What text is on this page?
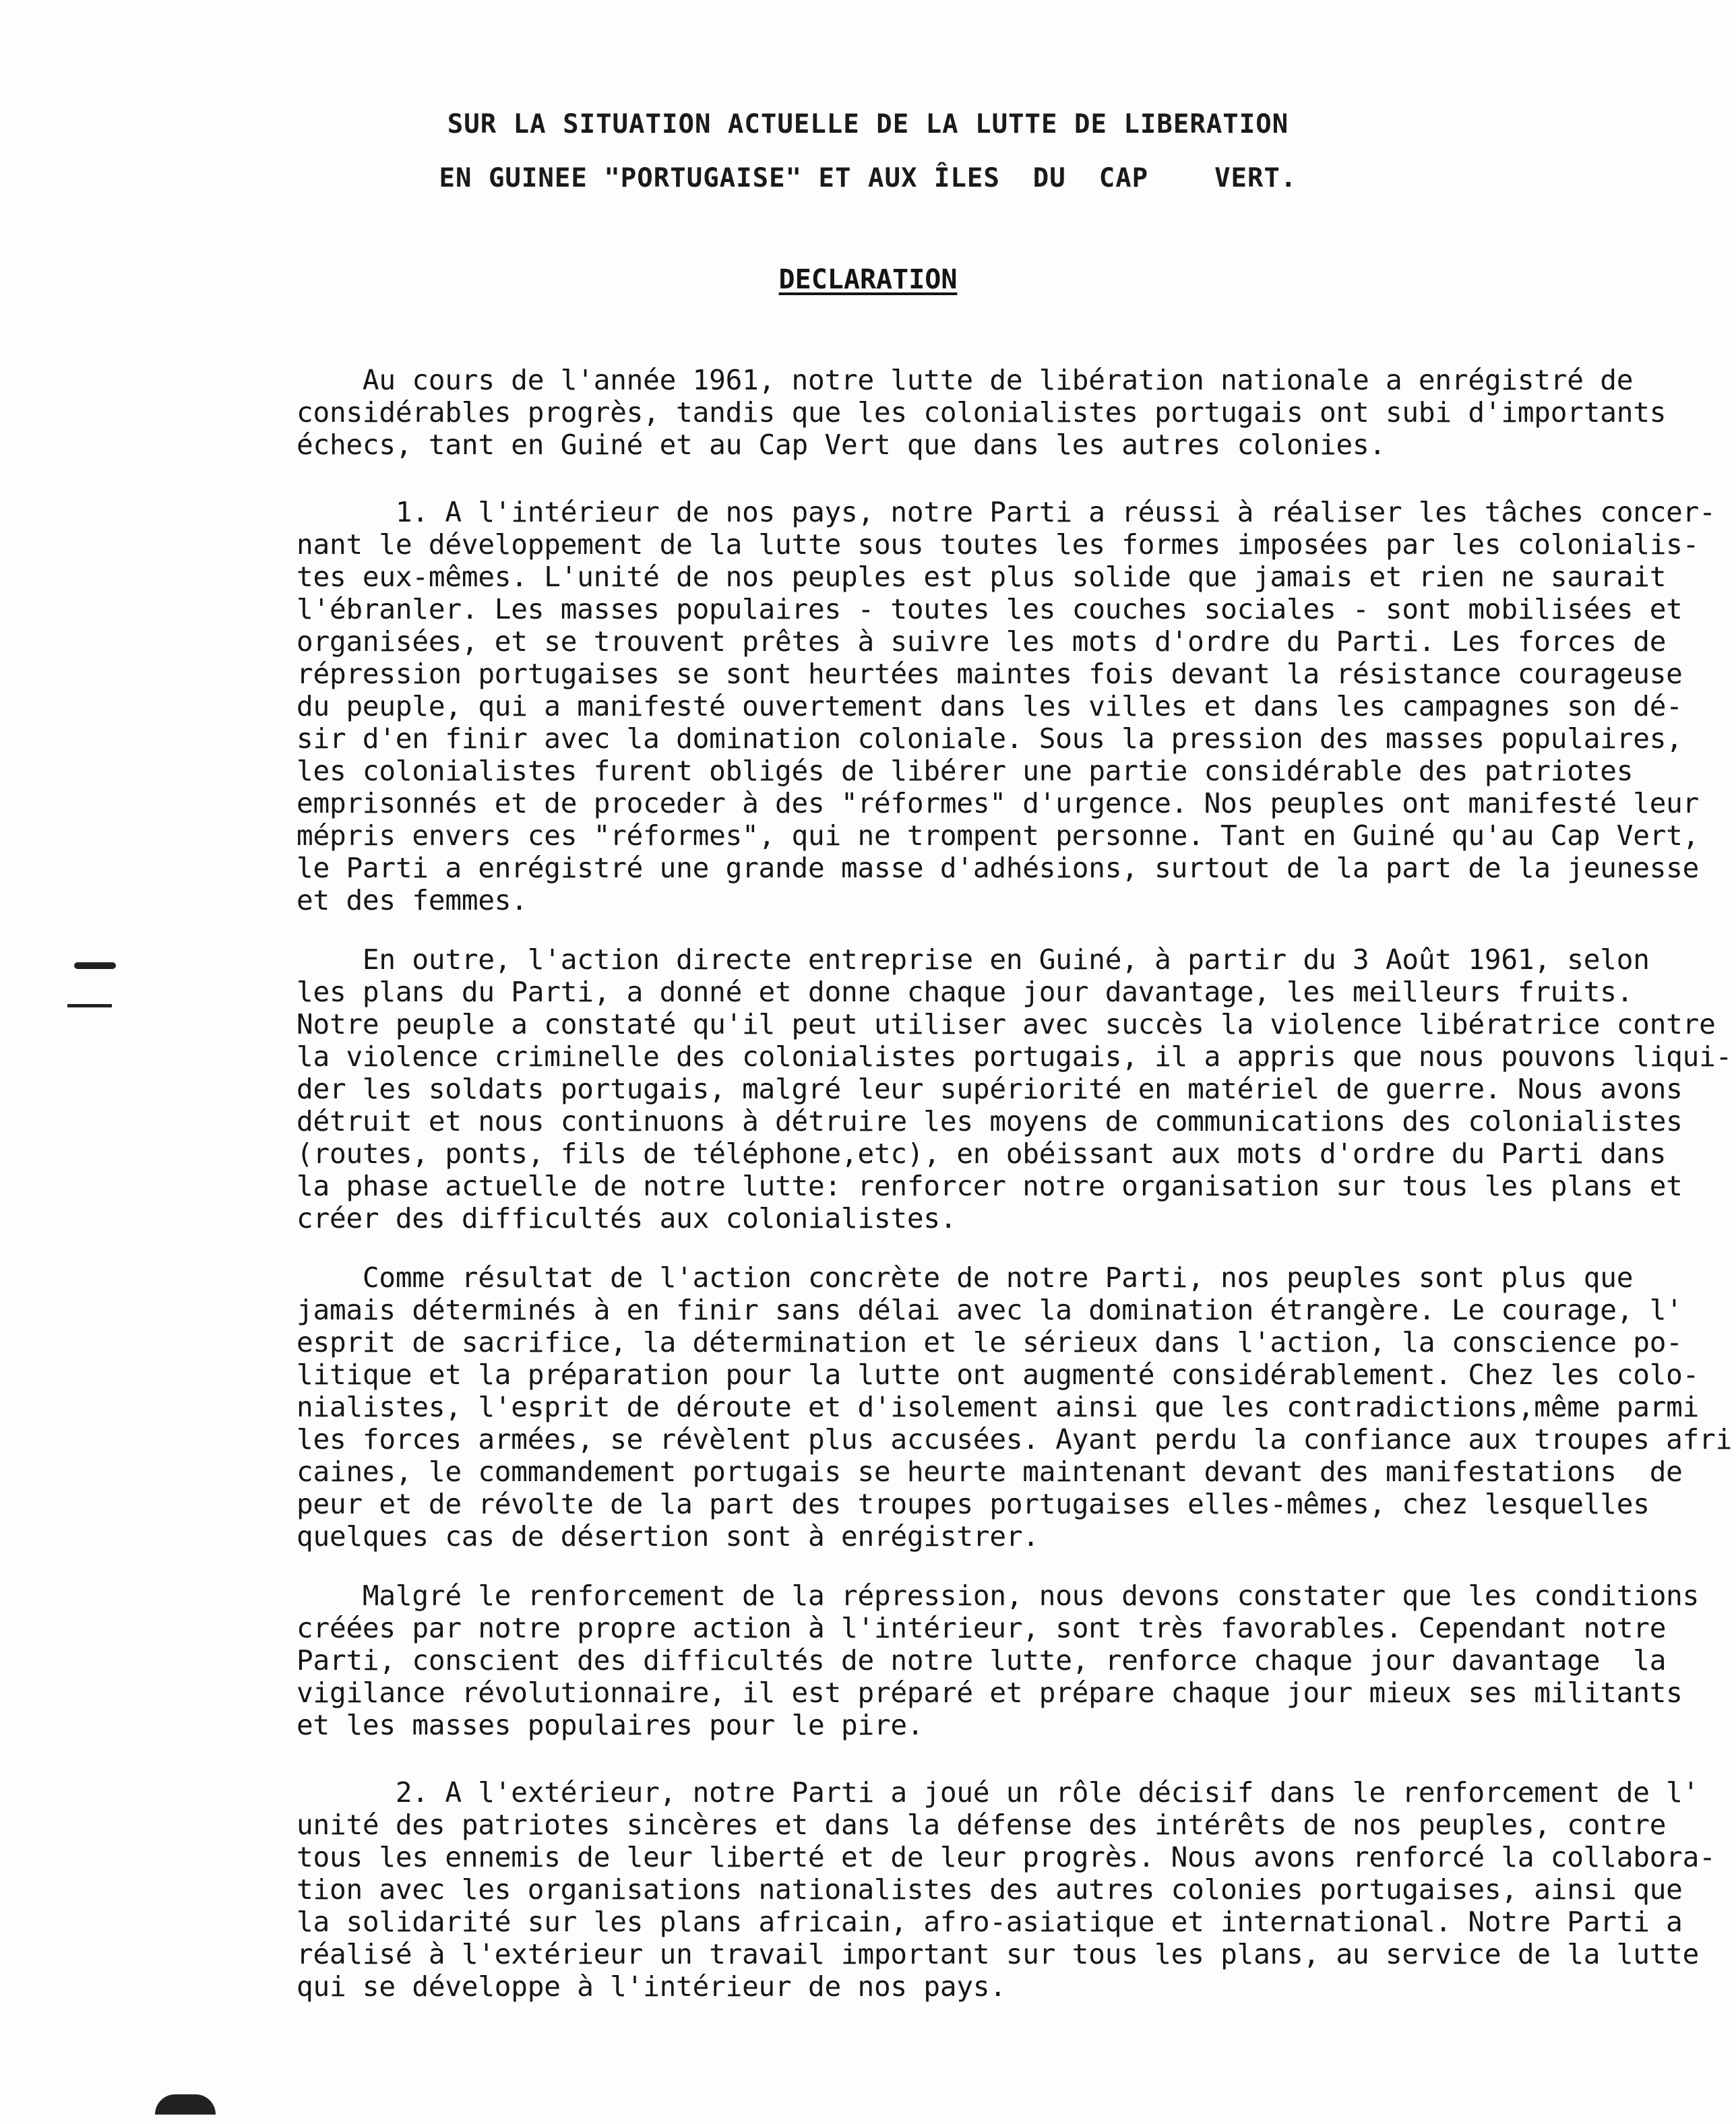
SUR LA SITUATION ACTUELLE DE LA LUTTE DE LIBERATION
EN GUINEE "PORTUGAISE" ET AUX ÎLES  DU  CAP    VERT.
DECLARATION
Au cours de l'année 1961, notre lutte de libération nationale a enrégistré de
considérables progrès, tandis que les colonialistes portugais ont subi d'importants
échecs, tant en Guiné et au Cap Vert que dans les autres colonies.
1. A l'intérieur de nos pays, notre Parti a réussi à réaliser les tâches concer-
nant le développement de la lutte sous toutes les formes imposées par les colonialis-
tes eux-mêmes. L'unité de nos peuples est plus solide que jamais et rien ne saurait
l'ébranler. Les masses populaires - toutes les couches sociales - sont mobilisées et
organisées, et se trouvent prêtes à suivre les mots d'ordre du Parti. Les forces de
répression portugaises se sont heurtées maintes fois devant la résistance courageuse
du peuple, qui a manifesté ouvertement dans les villes et dans les campagnes son dé-
sir d'en finir avec la domination coloniale. Sous la pression des masses populaires,
les colonialistes furent obligés de libérer une partie considérable des patriotes
emprisonnés et de proceder à des "réformes" d'urgence. Nos peuples ont manifesté leur
mépris envers ces "réformes", qui ne trompent personne. Tant en Guiné qu'au Cap Vert,
le Parti a enrégistré une grande masse d'adhésions, surtout de la part de la jeunesse
et des femmes.
En outre, l'action directe entreprise en Guiné, à partir du 3 Août 1961, selon
les plans du Parti, a donné et donne chaque jour davantage, les meilleurs fruits.
Notre peuple a constaté qu'il peut utiliser avec succès la violence libératrice contre
la violence criminelle des colonialistes portugais, il a appris que nous pouvons liqui-
der les soldats portugais, malgré leur supériorité en matériel de guerre. Nous avons
détruit et nous continuons à détruire les moyens de communications des colonialistes
(routes, ponts, fils de téléphone,etc), en obéissant aux mots d'ordre du Parti dans
la phase actuelle de notre lutte: renforcer notre organisation sur tous les plans et
créer des difficultés aux colonialistes.
Comme résultat de l'action concrète de notre Parti, nos peuples sont plus que
jamais déterminés à en finir sans délai avec la domination étrangère. Le courage, l'
esprit de sacrifice, la détermination et le sérieux dans l'action, la conscience po-
litique et la préparation pour la lutte ont augmenté considérablement. Chez les colo-
nialistes, l'esprit de déroute et d'isolement ainsi que les contradictions,même parmi
les forces armées, se révèlent plus accusées. Ayant perdu la confiance aux troupes afri
caines, le commandement portugais se heurte maintenant devant des manifestations  de
peur et de révolte de la part des troupes portugaises elles-mêmes, chez lesquelles
quelques cas de désertion sont à enrégistrer.
Malgré le renforcement de la répression, nous devons constater que les conditions
créées par notre propre action à l'intérieur, sont très favorables. Cependant notre
Parti, conscient des difficultés de notre lutte, renforce chaque jour davantage  la
vigilance révolutionnaire, il est préparé et prépare chaque jour mieux ses militants
et les masses populaires pour le pire.
2. A l'extérieur, notre Parti a joué un rôle décisif dans le renforcement de l'
unité des patriotes sincères et dans la défense des intérêts de nos peuples, contre
tous les ennemis de leur liberté et de leur progrès. Nous avons renforcé la collabora-
tion avec les organisations nationalistes des autres colonies portugaises, ainsi que
la solidarité sur les plans africain, afro-asiatique et international. Notre Parti a
réalisé à l'extérieur un travail important sur tous les plans, au service de la lutte
qui se développe à l'intérieur de nos pays.
